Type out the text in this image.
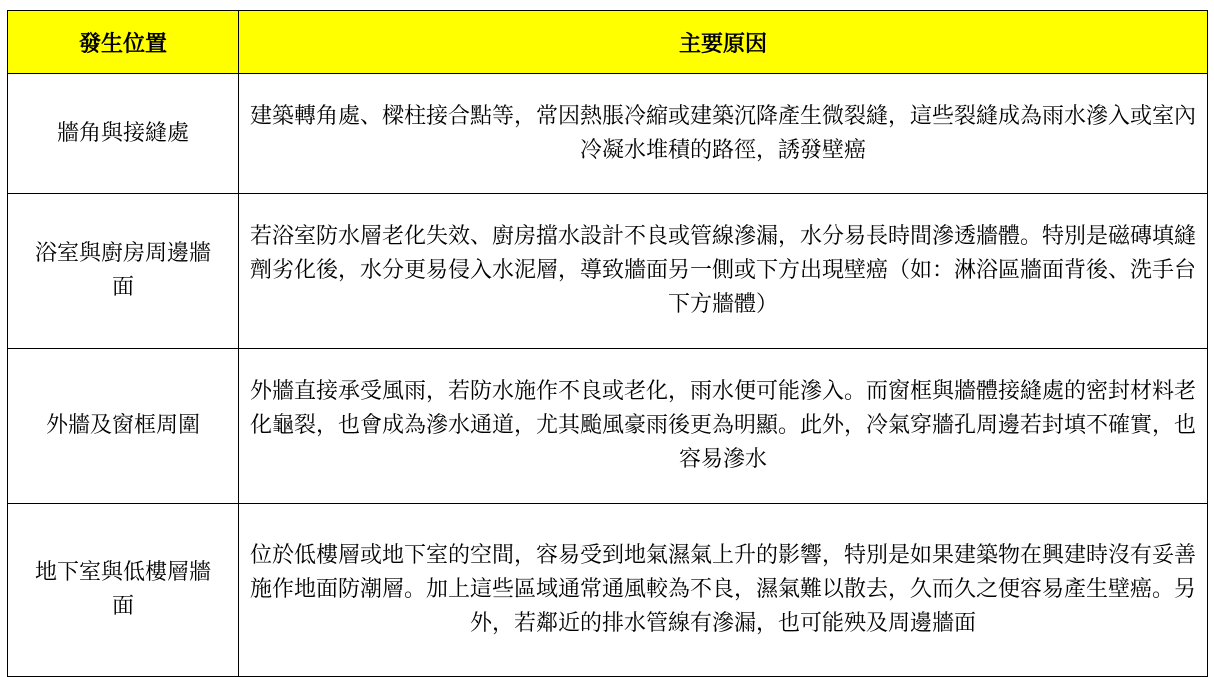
發生位置	主要原因
牆角與接縫處	建築轉角處、樑柱接合點等，常因熱脹冷縮或建築沉降產生微裂縫，這些裂縫成為雨水滲入或室內冷凝水堆積的路徑，誘發壁癌
浴室與廚房周邊牆面	若浴室防水層老化失效、廚房擋水設計不良或管線滲漏，水分易長時間滲透牆體。特別是磁磚填縫劑劣化後，水分更易侵入水泥層，導致牆面另一側或下方出現壁癌（如：淋浴區牆面背後、洗手台下方牆體）
外牆及窗框周圍	外牆直接承受風雨，若防水施作不良或老化，雨水便可能滲入。而窗框與牆體接縫處的密封材料老化龜裂，也會成為滲水通道，尤其颱風豪雨後更為明顯。此外，冷氣穿牆孔周邊若封填不確實，也容易滲水
地下室與低樓層牆面	位於低樓層或地下室的空間，容易受到地氣濕氣上升的影響，特別是如果建築物在興建時沒有妥善施作地面防潮層。加上這些區域通常通風較為不良，濕氣難以散去，久而久之便容易產生壁癌。另外，若鄰近的排水管線有滲漏，也可能殃及周邊牆面
